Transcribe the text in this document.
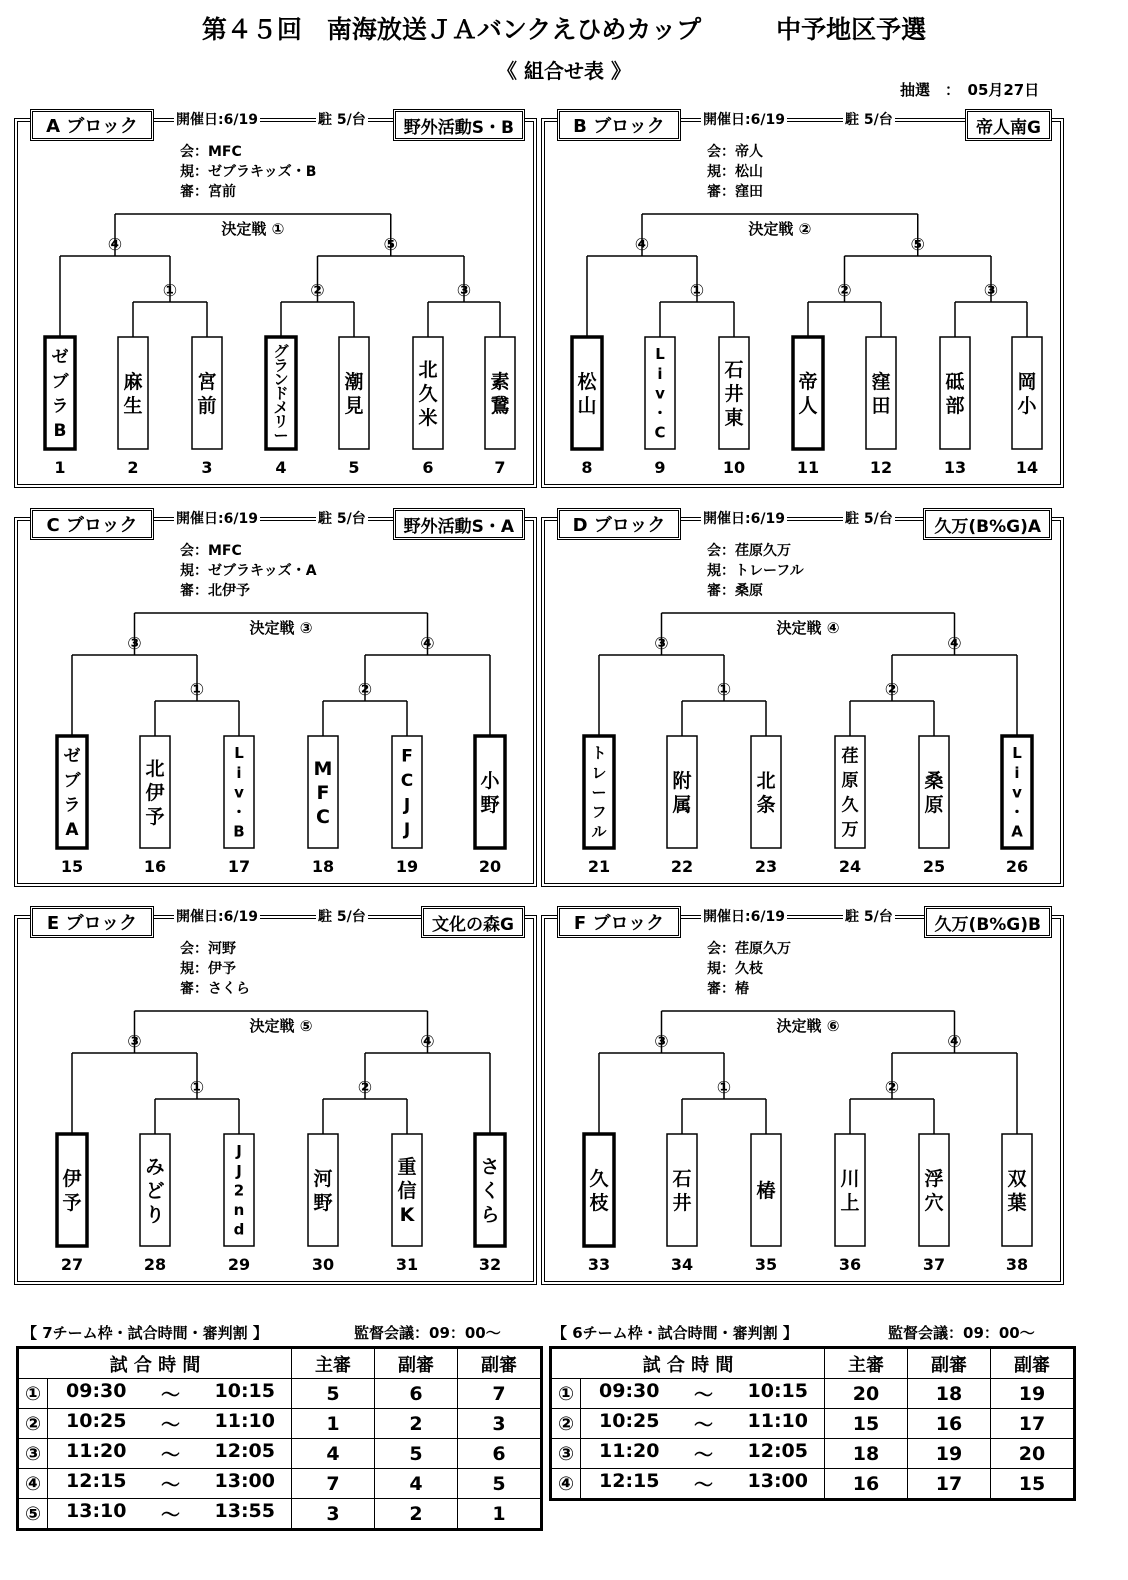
第４５回　南海放送ＪＡバンクえひめカップ　　　中予地区予選
《 組合せ表 》
抽選　：　05月27日
A ブロック	開催日:6/19	駐 5/台	野外活動S・B
会：MFC
規：ゼブラキッズ・B
審：宮前
①	②	③
④	⑤
決定戦 ①
ゼブラ B
1
麻生
2
宮前
3
グランドメリー
4
潮見
5
北久米
6
素鵞
7
B ブロック	開催日:6/19	駐 5/台	帝人南G
会：帝人
規：松山
審：窪田
①	②	③
④	⑤
決定戦 ②
松山
8
L i v ・ C
9
石井東
10
帝人
11
窪田
12
砥部
13
岡小
14
C ブロック	開催日:6/19	駐 5/台	野外活動S・A
会：MFC
規：ゼブラキッズ・A
審：北伊予
①	②
③	④
決定戦 ③
ゼブラ A
15
北伊予
16
L i v ・ B
17
M F C
18
F C J J
19
小野
20
D ブロック	開催日:6/19	駐 5/台	久万(B%G)A
会：荏原久万
規：トレーフル
審：桑原
①	②
③	④
決定戦 ④
トレーフル
21
附属
22
北条
23
荏原久万
24
桑原
25
L i v ・ A
26
E ブロック	開催日:6/19	駐 5/台	文化の森G
会：河野
規：伊予
審：さくら
①	②
③	④
決定戦 ⑤
伊予
27
みどり
28
J J 2 n d
29
河野
30
重信 K
31
さくら
32
F ブロック	開催日:6/19	駐 5/台	久万(B%G)B
会：荏原久万
規：久枝
審：椿
①	②
③	④
決定戦 ⑥
久枝
33
石井
34
椿
35
川上
36
浮穴
37
双葉
38
【 7チーム枠・試合時間・審判割 】	監督会議：09：00～	【 6チーム枠・試合時間・審判割 】	監督会議：09：00～
試 合 時 間		主審	副審	副審
①	09:30 ～ 10:15	5	6	7
②	10:25 ～ 11:10	1	2	3
③	11:20 ～ 12:05	4	5	6
④	12:15 ～ 13:00	7	4	5
⑤	13:10 ～ 13:55	3	2	1
試 合 時 間		主審	副審	副審
①	09:30 ～ 10:15	20	18	19
②	10:25 ～ 11:10	15	16	17
③	11:20 ～ 12:05	18	19	20
④	12:15 ～ 13:00	16	17	15
